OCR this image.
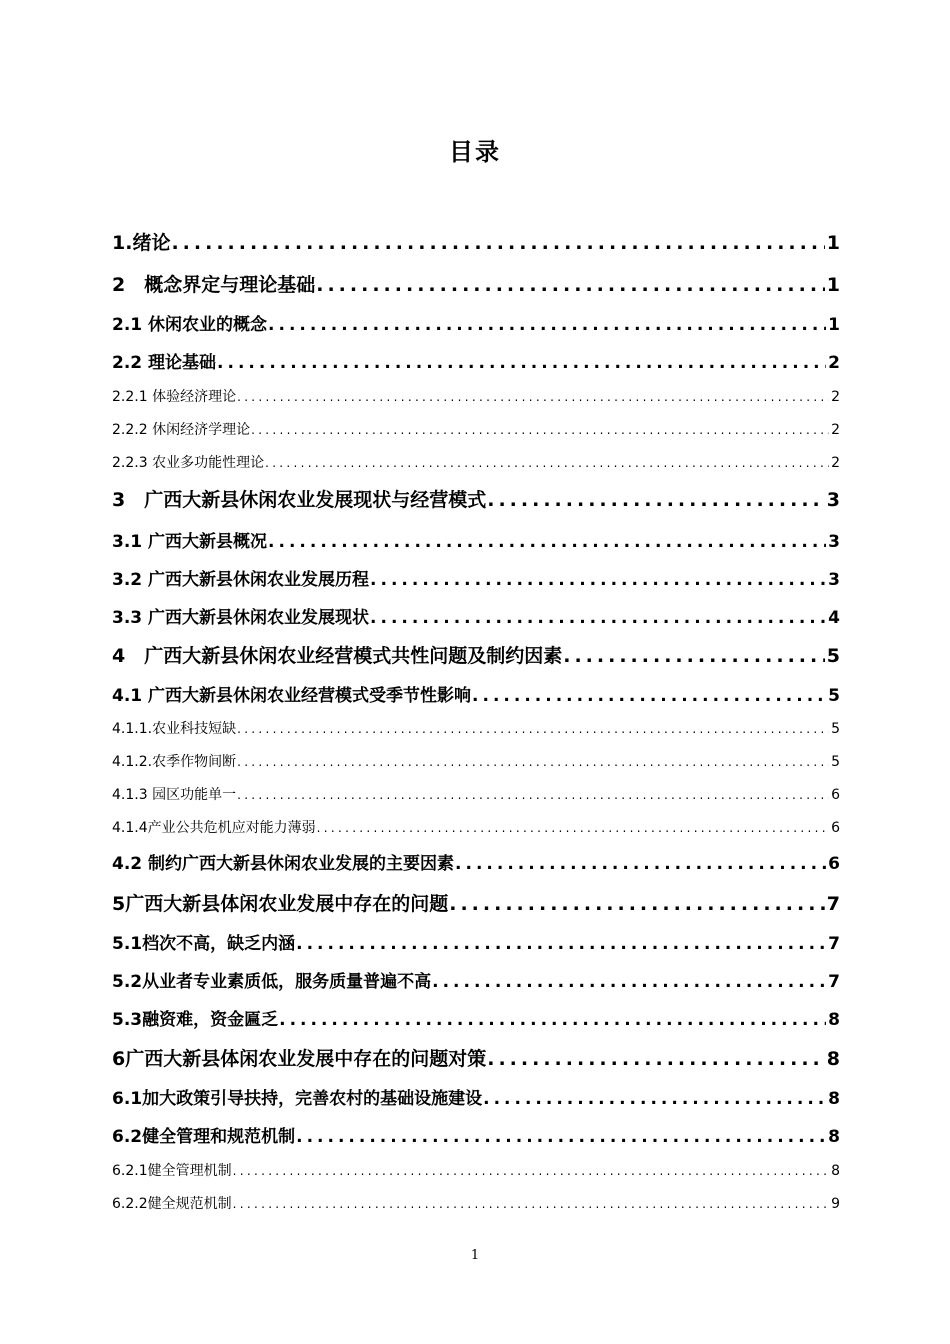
目录
1.绪论 .....	1
2　概念界定与理论基础 .....	1
2.1 休闲农业的概念 .....	1
2.2 理论基础 .....	2
2.2.1 体验经济理论 .....	2
2.2.2 休闲经济学理论 .....	2
2.2.3 农业多功能性理论 .....	2
3　广西大新县休闲农业发展现状与经营模式 .....	3
3.1 广西大新县概况 .....	3
3.2 广西大新县休闲农业发展历程 .....	3
3.3 广西大新县休闲农业发展现状 .....	4
4　广西大新县休闲农业经营模式共性问题及制约因素 .....	5
4.1 广西大新县休闲农业经营模式受季节性影响 .....	5
4.1.1.农业科技短缺 .....	5
4.1.2.农季作物间断 .....	5
4.1.3 园区功能单一 .....	6
4.1.4产业公共危机应对能力薄弱 .....	6
4.2 制约广西大新县休闲农业发展的主要因素 .....	6
5广西大新县体闲农业发展中存在的问题 .....	7
5.1档次不高，缺乏内涵 .....	7
5.2从业者专业素质低，服务质量普遍不高 .....	7
5.3融资难，资金匾乏 .....	8
6广西大新县体闲农业发展中存在的问题对策 .....	8
6.1加大政策引导扶持，完善农村的基础设施建设 .....	8
6.2健全管理和规范机制 .....	8
6.2.1健全管理机制 .....	8
6.2.2健全规范机制 .....	9
1
